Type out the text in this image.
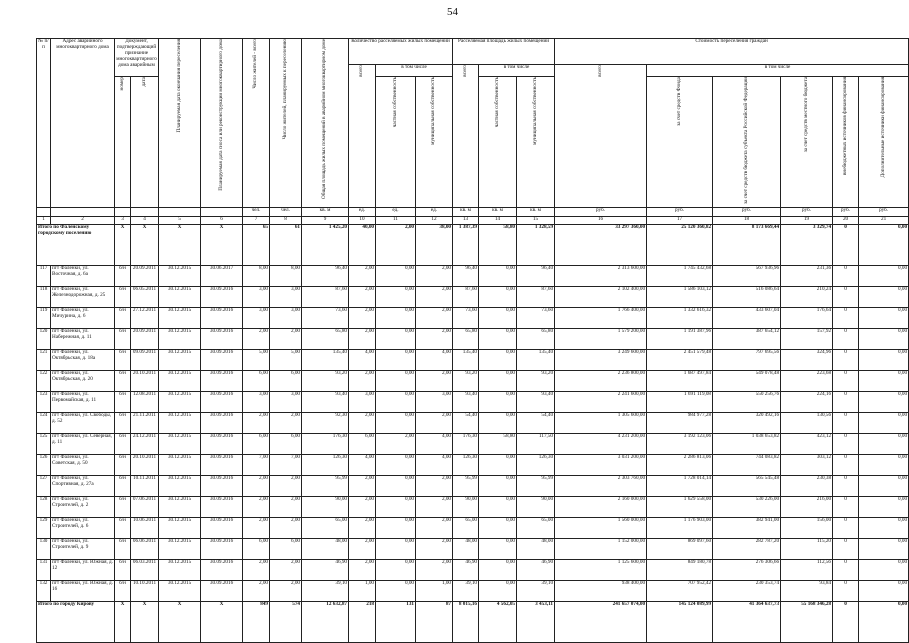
54
№ п/п	Адрес аварийного многоквартирного дома	Документ, подтверждающий признание многоквартирного дома аварийным		Планируемая дата окончания переселения	Планируемая дата сноса или реконструкции многоквартирного дома	Число жителей - всего	Число жителей, планируемых к переселению	Общая площадь жилых помещений в аварийном многоквартирном доме	Количество расселяемых жилых помещений			Расселяемая площадь жилых помещений			Стоимость переселения граждан					
									всего	в том числе		всего	в том числе		всего	в том числе				
		номер	дата							частная собственность	муниципальная собственность		частная собственность	муниципальная собственность		за счет средств Фонда	за счет средств бюджета субъекта Российской Федерации	за счет средств местного бюджета	внебюджетных источников финансирования	Дополнительные источники финансирования
						чел.	чел.	кв. м	ед.	ед.	ед.	кв. м	кв. м	кв. м	руб.	руб.	руб.	руб.	руб.	руб.
1	2	3	4	5	6	7	8	9	10	11	12	13	14	15	16	17	18	19	20	21
Итого по Фаленскому городскому поселению		Х	Х	Х	Х	65	61	1 425,20	40,00	2,00	38,00	1 387,39	58,80	1 328,59	33 297 360,00	25 120 360,82	8 173 669,44	3 329,74	0	0,00
117	пгт Фаленки, ул. Восточная, д. 6а	б/н	20.09.2011	30.12.2015	30.06.2017	8,00	8,00	96,40	2,00	0,00	2,00	96,40	0,00	96,40	2 313 600,00	1 745 432,68	567 936,96	231,36	0	0,00
118	пгт Фаленки, ул. Железнодорожная, д. 25	б/н	06.05.2011	30.12.2015	30.09.2016	3,00	3,00	87,60	2,00	0,00	2,00	87,60	0,00	87,60	2 102 400,00	1 586 103,12	516 086,64	210,24	0	0,00
119	пгт Фаленки, ул. Мичурина, д. 6	б/н	27.12.2011	30.12.2015	30.09.2016	3,00	3,00	73,60	2,00	0,00	2,00	73,60	0,00	73,60	1 766 400,00	1 332 616,32	433 607,04	176,64	0	0,00
120	пгт Фаленки, ул. Набережная, д. 11	б/н	20.09.2011	30.12.2015	30.09.2016	2,00	2,00	65,80	2,00	0,00	2,00	65,80	0,00	65,80	1 579 200,00	1 191 387,96	387 654,12	157,92	0	0,00
121	пгт Фаленки, ул. Октябрьская, д. 18а	б/н	09.09.2011	30.12.2015	30.09.2016	5,00	5,00	135,40	4,00	0,00	4,00	135,40	0,00	135,40	3 249 600,00	2 451 579,48	797 695,56	324,96	0	0,00
122	пгт Фаленки, ул. Октябрьская, д. 20	б/н	20.10.2011	30.12.2015	30.09.2016	6,00	6,00	93,20	2,00	0,00	2,00	93,20	0,00	93,20	2 236 800,00	1 687 497,84	549 078,48	223,68	0	0,00
123	пгт Фаленки, ул. Первомайская, д. 11	б/н	12.08.2011	30.12.2015	30.09.2016	3,00	3,00	93,40	3,00	0,00	3,00	93,40	0,00	93,40	2 241 600,00	1 691 119,08	550 256,76	224,16	0	0,00
124	пгт Фаленки, ул. Свободы, д. 52	б/н	21.11.2011	30.12.2015	30.09.2016	2,00	2,00	92,30	2,00	0,00	2,00	54,40	0,00	54,40	1 305 600,00	984 977,28	320 492,16	130,56	0	0,00
125	пгт Фаленки, ул. Северная, д. 11	б/н	24.12.2011	30.12.2015	30.09.2016	6,00	6,00	176,30	6,00	2,00	4,00	176,30	58,80	117,50	4 231 200,00	3 192 123,06	1 038 653,82	423,12	0	0,00
126	пгт Фаленки, ул. Советская, д. 50	б/н	20.10.2011	30.12.2015	30.09.2016	7,00	7,00	126,30	4,00	0,00	4,00	126,30	0,00	126,30	3 031 200,00	2 286 813,06	744 083,82	303,12	0	0,00
127	пгт Фаленки, ул. Спортивная, д. 27а	б/н	10.11.2011	30.12.2015	30.09.2016	2,00	2,00	95,99	2,00	0,00	2,00	95,99	0,00	95,99	2 303 760,00	1 728 014,14	565 545,48	230,38	0	0,00
128	пгт Фаленки, ул. Строителей, д. 2	б/н	07.06.2011	30.12.2015	30.09.2016	2,00	2,00	90,00	2,00	0,00	2,00	90,00	0,00	90,00	2 160 000,00	1 629 558,00	530 226,00	216,00	0	0,00
129	пгт Фаленки, ул. Строителей, д. 6	б/н	10.06.2011	30.12.2015	30.09.2016	2,00	2,00	65,00	2,00	0,00	2,00	65,00	0,00	65,00	1 560 000,00	1 176 903,00	382 941,00	156,00	0	0,00
130	пгт Фаленки, ул. Строителей, д. 9	б/н	06.06.2011	30.12.2015	30.09.2016	6,00	6,00	48,00	2,00	0,00	2,00	48,00	0,00	48,00	1 152 000,00	869 097,60	282 787,20	115,20	0	0,00
131	пгт Фаленки, ул. Южная, д. 12	б/н	06.03.2011	30.12.2015	30.09.2016	2,00	2,00	46,90	2,00	0,00	2,00	46,90	0,00	46,90	1 125 600,00	849 180,78	276 306,66	112,56	0	0,00
132	пгт Фаленки, ул. Южная, д. 16	б/н	10.10.2011	30.12.2015	30.09.2016	2,00	2,00	39,10	1,00	0,00	1,00	39,10	0,00	39,10	938 400,00	707 952,42	230 353,74	93,84	0	0,00
Итого по городу Кирову		Х	Х	Х	Х	849	574	12 632,87	218	131	87	8 015,16	4 562,05	3 453,11	241 657 074,00	145 124 089,99	41 364 637,73	55 168 346,28	0	0,00
